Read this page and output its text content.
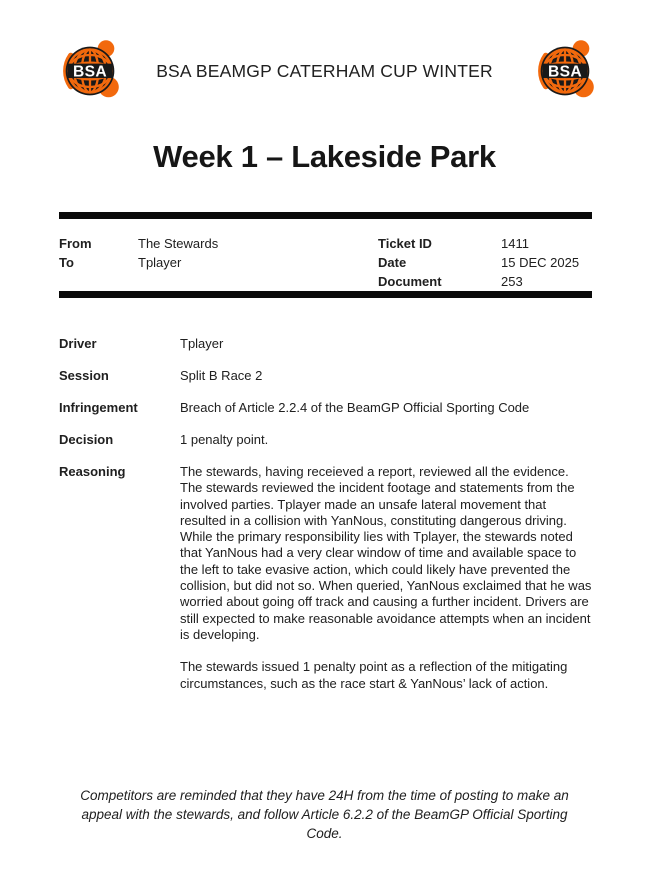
BSA BEAMGP CATERHAM CUP WINTER
Week 1 – Lakeside Park
From	The Stewards
To	Tplayer
Ticket ID	1411
Date	15 DEC 2025
Document	253
Driver	Tplayer
Session	Split B Race 2
Infringement	Breach of Article 2.2.4 of the BeamGP Official Sporting Code
Decision	1 penalty point.
Reasoning	The stewards, having receieved a report, reviewed all the evidence. The stewards reviewed the incident footage and statements from the involved parties. Tplayer made an unsafe lateral movement that resulted in a collision with YanNous, constituting dangerous driving. While the primary responsibility lies with Tplayer, the stewards noted that YanNous had a very clear window of time and available space to the left to take evasive action, which could likely have prevented the collision, but did not so. When queried, YanNous exclaimed that he was worried about going off track and causing a further incident. Drivers are still expected to make reasonable avoidance attempts when an incident is developing.

The stewards issued 1 penalty point as a reflection of the mitigating circumstances, such as the race start & YanNous’ lack of action.

Competitors are reminded that they have 24H from the time of posting to make an appeal with the stewards, and follow Article 6.2.2 of the BeamGP Official Sporting Code.
